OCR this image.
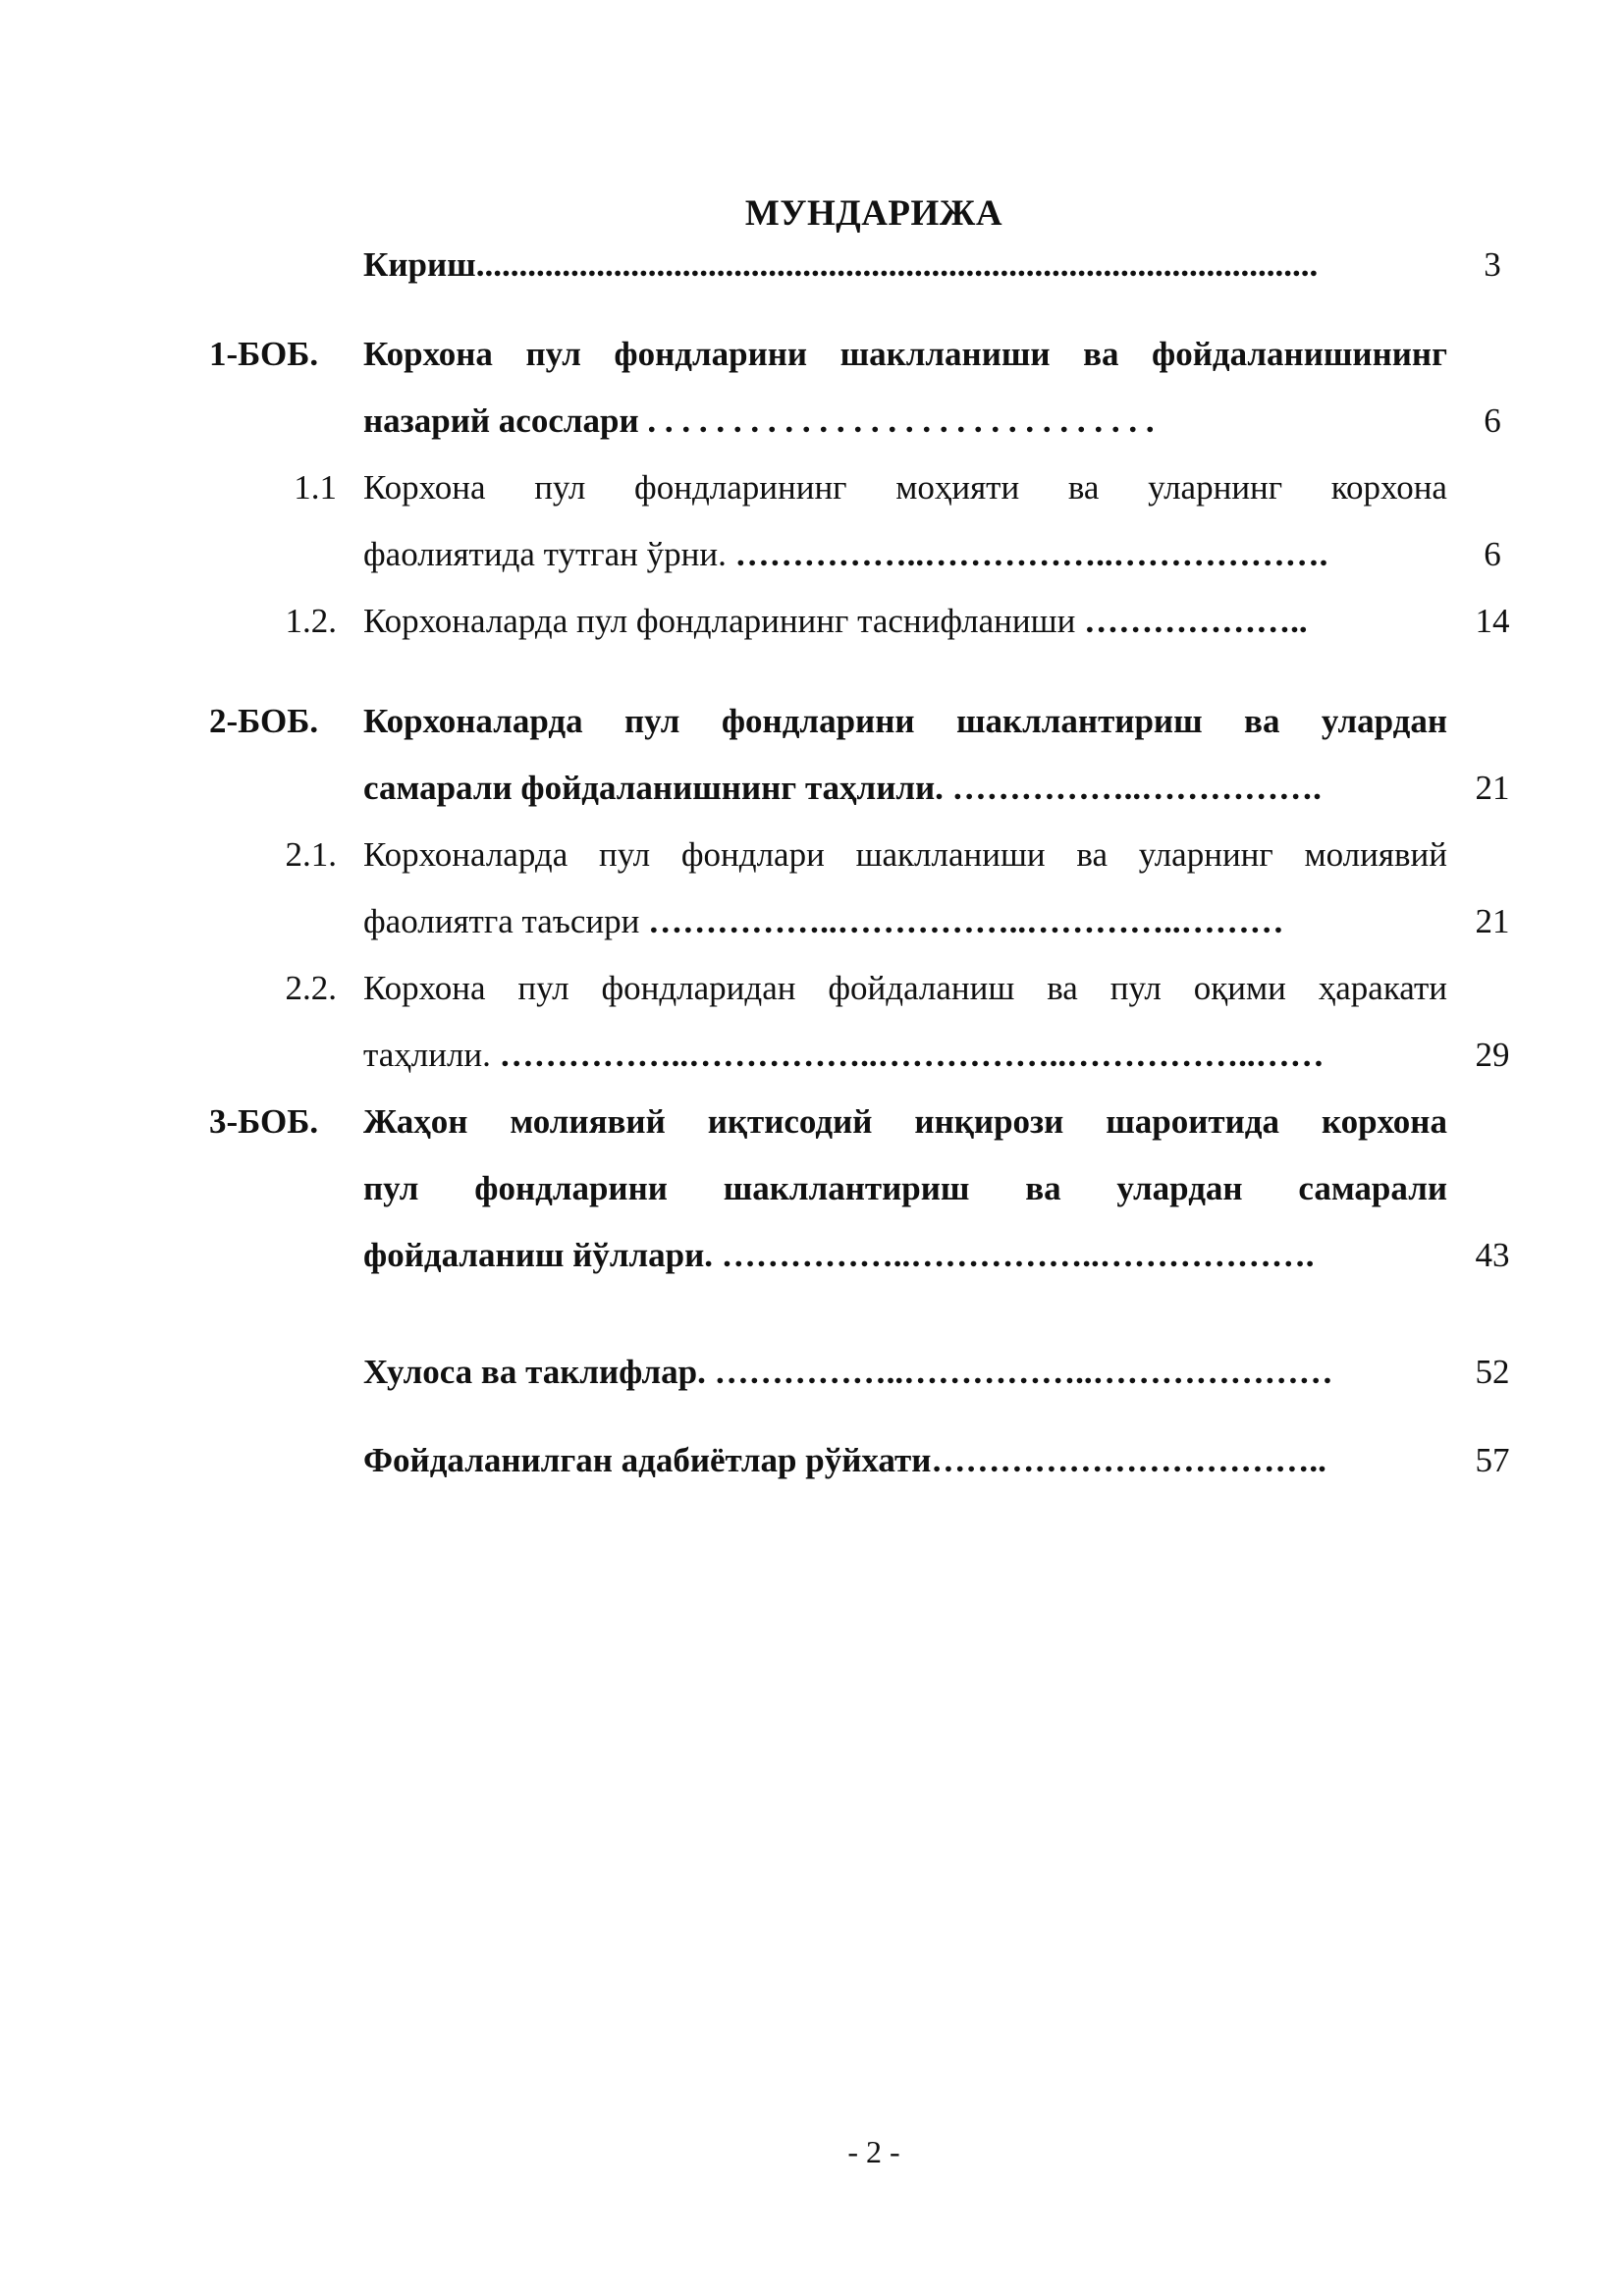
МУНДАРИЖА
Кириш..................................................................................................	3
1-БОБ.	Корхона пул фондларини шаклланиши ва фойдаланишининг
назарий асослари . . . . . . . . . . . . . . . . . . . . . . . . . . . . . .	6
1.1 Корхона пул фондларининг моҳияти ва уларнинг корхона
фаолиятида тутган ўрни. ……………..……………..……………….	6
1.2. Корхоналарда пул фондларининг таснифланиши ………………..	14
2-БОБ.	Корхоналарда пул фондларини шакллантириш ва улардан
самарали фойдаланишнинг таҳлили. ……………..…………….	21
2.1. Корхоналарда пул фондлари шаклланиши ва уларнинг молиявий
фаолиятга таъсири ……………..……………..…………..………	21
2.2. Корхона пул фондларидан фойдаланиш ва пул оқими ҳаракати
таҳлили. ……………..……………..……………..……………..……	29
3-БОБ.	Жаҳон молиявий иқтисодий инқирози шароитида корхона
пул фондларини шакллантириш ва улардан самарали
фойдаланиш йўллари. ……………..……………..……………….	43
Хулоса ва таклифлар. ……………..……………..…………………	52
Фойдаланилган адабиётлар рўйхати……………………………..	57
- 2 -
